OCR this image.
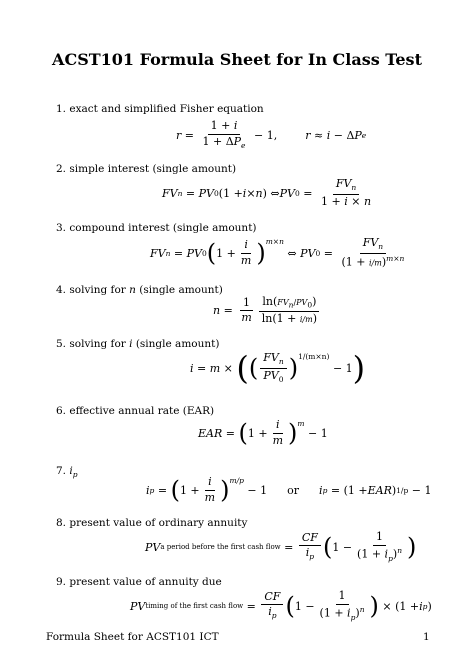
ACST101 Formula Sheet for In Class Test
1. exact and simplified Fisher equation
$r = \frac{1 + i}{1 + \Delta P_e} - 1$,	r ≈ i − Δ P e
2. simple interest (single amount)
FV n = PV 0 (1 + i × n ) ⇔ PV $0 = \frac{FV_n}{1 + i \times n}$
3. compound interest (single amount)
FV n = PV 0 ( $1 + \frac{i}{m}$ ) m×n
⇔ PV $0 = \frac{FV_n}{(1 + i/m)^{m\times n}}$
4. solving for n (single amount)
$n = \frac{1}{m} \frac{\text{ln(FVn/PV0)}}{\ln(1 + i/m)}$
5. solving for i (single amount)
i = m × ( ( $\frac{FV_n}{PV_0}$ ) 1/(m×n)
− 1 )
6. effective annual rate (EAR)
EAR = ( $1 + \frac{i}{m}$ ) m
− 1
7. $i_p$
i p = ( $1 + \frac{i}{m}$ ) m/p
− 1 or i p = (1 + EAR ) 1/p − 1
8. present value of ordinary annuity
PV a period before the first cash flow = $\frac{CF}{i_p}$ ( $1 - \frac{1}{(1 + i_p)^n}$ )
9. present value of annuity due
PV timing of the first cash flow = $\frac{CF}{i_p}$ ( $1 - \frac{1}{(1 + i_p)^n}$ ) × (1 + i p )
Formula Sheet for ACST101 ICT	1
